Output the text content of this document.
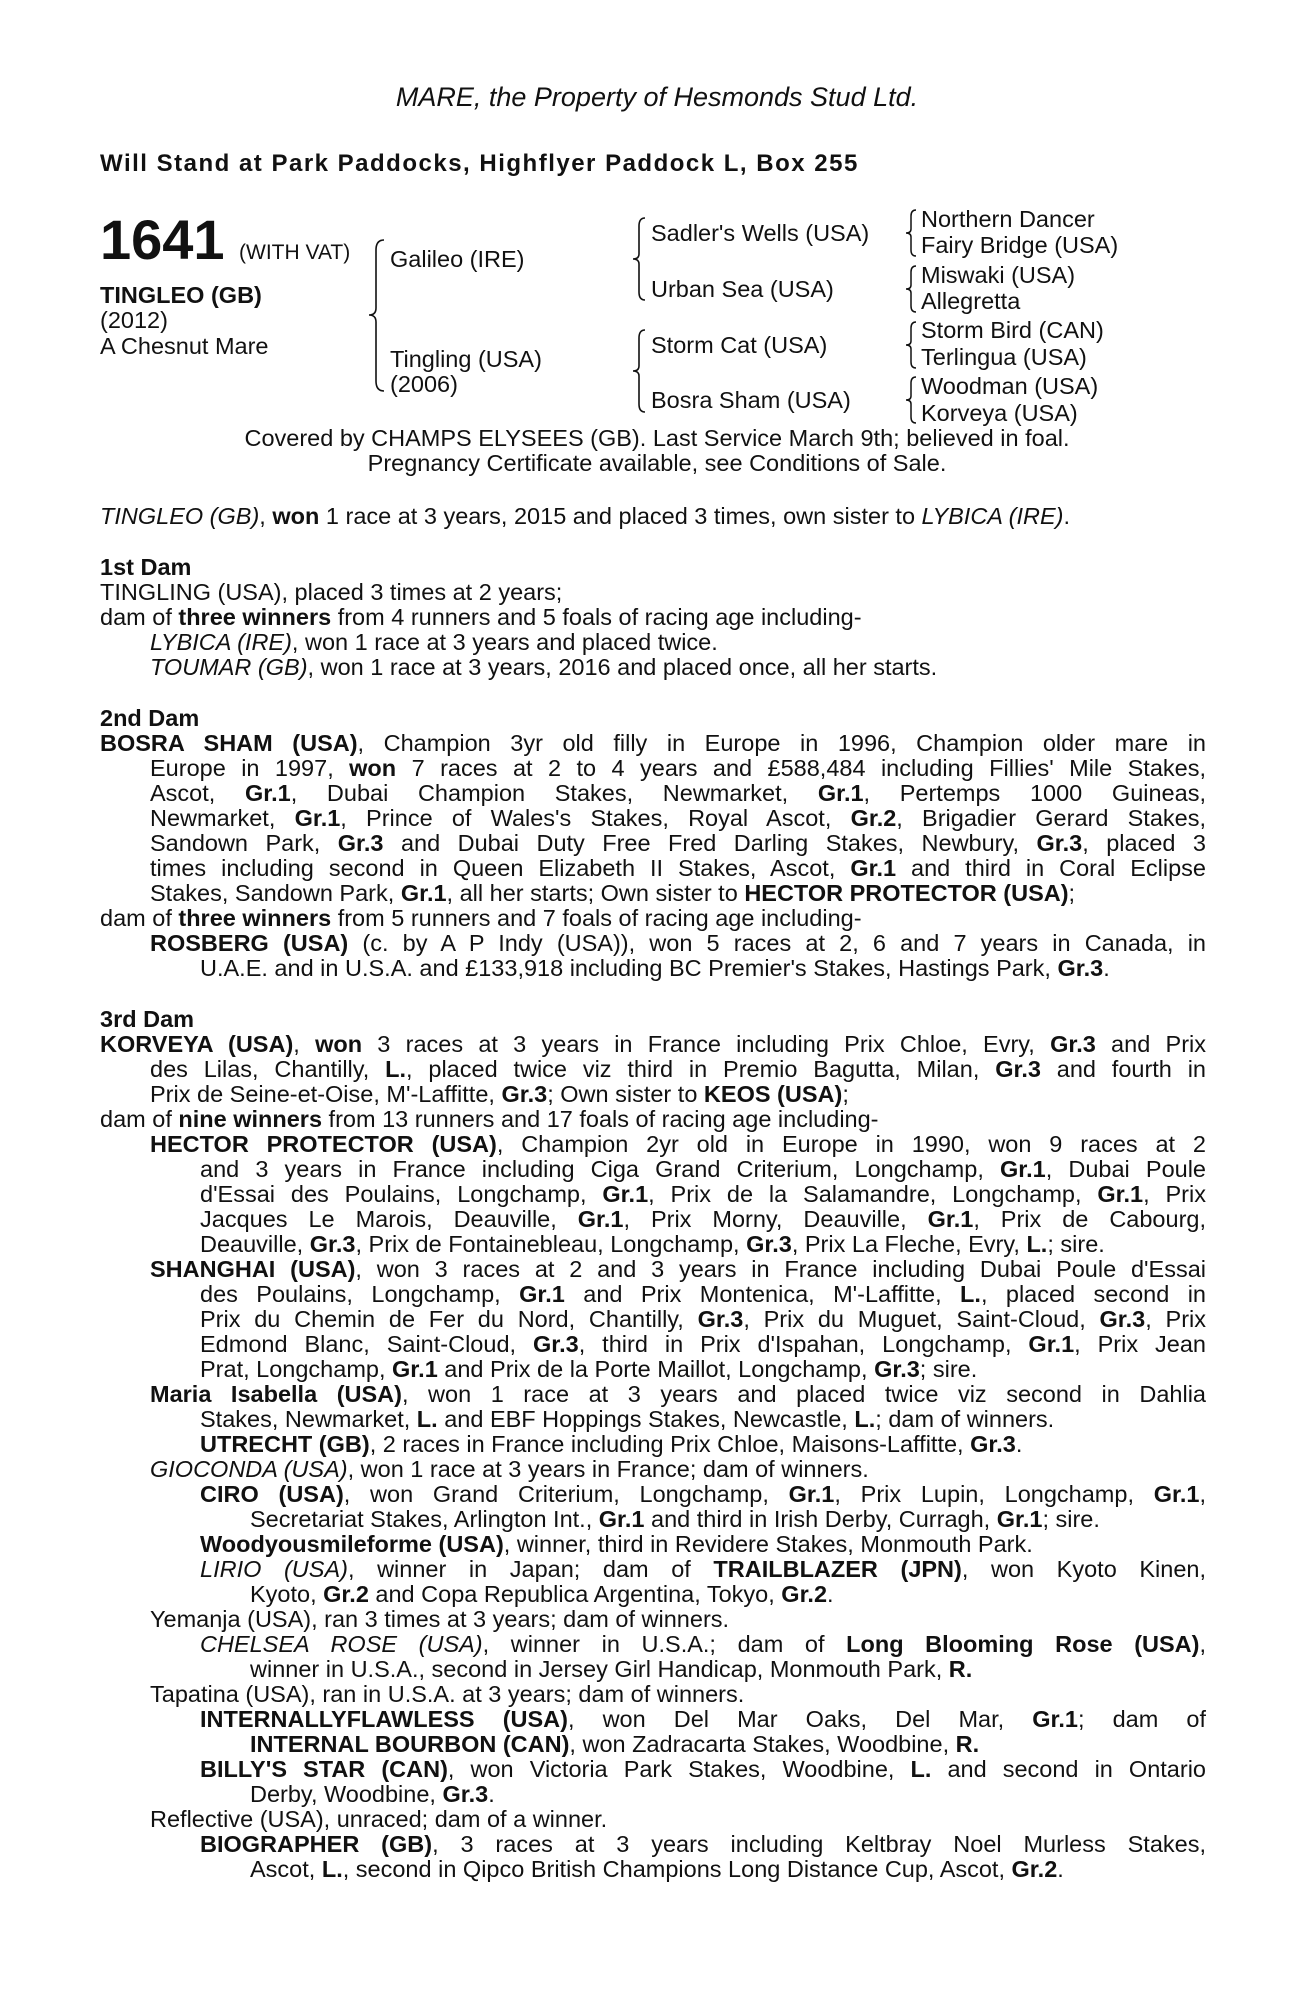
MARE, the Property of Hesmonds Stud Ltd.
Will Stand at Park Paddocks, Highflyer Paddock L, Box 255
1641 (WITH VAT)
TINGLEO (GB)
(2012)
A Chesnut Mare
Galileo (IRE)
Tingling (USA)
(2006)
Sadler's Wells (USA)
Urban Sea (USA)
Storm Cat (USA)
Bosra Sham (USA)
Northern Dancer
Fairy Bridge (USA)
Miswaki (USA)
Allegretta
Storm Bird (CAN)
Terlingua (USA)
Woodman (USA)
Korveya (USA)
Covered by CHAMPS ELYSEES (GB). Last Service March 9th; believed in foal.
Pregnancy Certificate available, see Conditions of Sale.
TINGLEO (GB), won 1 race at 3 years, 2015 and placed 3 times, own sister to LYBICA (IRE).
1st Dam
TINGLING (USA), placed 3 times at 2 years;
dam of three winners from 4 runners and 5 foals of racing age including-
LYBICA (IRE), won 1 race at 3 years and placed twice.
TOUMAR (GB), won 1 race at 3 years, 2016 and placed once, all her starts.
2nd Dam
BOSRA SHAM (USA), Champion 3yr old filly in Europe in 1996, Champion older mare in
Europe in 1997, won 7 races at 2 to 4 years and £588,484 including Fillies' Mile Stakes,
Ascot, Gr.1, Dubai Champion Stakes, Newmarket, Gr.1, Pertemps 1000 Guineas,
Newmarket, Gr.1, Prince of Wales's Stakes, Royal Ascot, Gr.2, Brigadier Gerard Stakes,
Sandown Park, Gr.3 and Dubai Duty Free Fred Darling Stakes, Newbury, Gr.3, placed 3
times including second in Queen Elizabeth II Stakes, Ascot, Gr.1 and third in Coral Eclipse
Stakes, Sandown Park, Gr.1, all her starts; Own sister to HECTOR PROTECTOR (USA);
dam of three winners from 5 runners and 7 foals of racing age including-
ROSBERG (USA) (c. by A P Indy (USA)), won 5 races at 2, 6 and 7 years in Canada, in
U.A.E. and in U.S.A. and £133,918 including BC Premier's Stakes, Hastings Park, Gr.3.
3rd Dam
KORVEYA (USA), won 3 races at 3 years in France including Prix Chloe, Evry, Gr.3 and Prix
des Lilas, Chantilly, L., placed twice viz third in Premio Bagutta, Milan, Gr.3 and fourth in
Prix de Seine-et-Oise, M'-Laffitte, Gr.3; Own sister to KEOS (USA);
dam of nine winners from 13 runners and 17 foals of racing age including-
HECTOR PROTECTOR (USA), Champion 2yr old in Europe in 1990, won 9 races at 2
and 3 years in France including Ciga Grand Criterium, Longchamp, Gr.1, Dubai Poule
d'Essai des Poulains, Longchamp, Gr.1, Prix de la Salamandre, Longchamp, Gr.1, Prix
Jacques Le Marois, Deauville, Gr.1, Prix Morny, Deauville, Gr.1, Prix de Cabourg,
Deauville, Gr.3, Prix de Fontainebleau, Longchamp, Gr.3, Prix La Fleche, Evry, L.; sire.
SHANGHAI (USA), won 3 races at 2 and 3 years in France including Dubai Poule d'Essai
des Poulains, Longchamp, Gr.1 and Prix Montenica, M'-Laffitte, L., placed second in
Prix du Chemin de Fer du Nord, Chantilly, Gr.3, Prix du Muguet, Saint-Cloud, Gr.3, Prix
Edmond Blanc, Saint-Cloud, Gr.3, third in Prix d'Ispahan, Longchamp, Gr.1, Prix Jean
Prat, Longchamp, Gr.1 and Prix de la Porte Maillot, Longchamp, Gr.3; sire.
Maria Isabella (USA), won 1 race at 3 years and placed twice viz second in Dahlia
Stakes, Newmarket, L. and EBF Hoppings Stakes, Newcastle, L.; dam of winners.
UTRECHT (GB), 2 races in France including Prix Chloe, Maisons-Laffitte, Gr.3.
GIOCONDA (USA), won 1 race at 3 years in France; dam of winners.
CIRO (USA), won Grand Criterium, Longchamp, Gr.1, Prix Lupin, Longchamp, Gr.1,
Secretariat Stakes, Arlington Int., Gr.1 and third in Irish Derby, Curragh, Gr.1; sire.
Woodyousmileforme (USA), winner, third in Revidere Stakes, Monmouth Park.
LIRIO (USA), winner in Japan; dam of TRAILBLAZER (JPN), won Kyoto Kinen,
Kyoto, Gr.2 and Copa Republica Argentina, Tokyo, Gr.2.
Yemanja (USA), ran 3 times at 3 years; dam of winners.
CHELSEA ROSE (USA), winner in U.S.A.; dam of Long Blooming Rose (USA),
winner in U.S.A., second in Jersey Girl Handicap, Monmouth Park, R.
Tapatina (USA), ran in U.S.A. at 3 years; dam of winners.
INTERNALLYFLAWLESS (USA), won Del Mar Oaks, Del Mar, Gr.1; dam of
INTERNAL BOURBON (CAN), won Zadracarta Stakes, Woodbine, R.
BILLY'S STAR (CAN), won Victoria Park Stakes, Woodbine, L. and second in Ontario
Derby, Woodbine, Gr.3.
Reflective (USA), unraced; dam of a winner.
BIOGRAPHER (GB), 3 races at 3 years including Keltbray Noel Murless Stakes,
Ascot, L., second in Qipco British Champions Long Distance Cup, Ascot, Gr.2.
